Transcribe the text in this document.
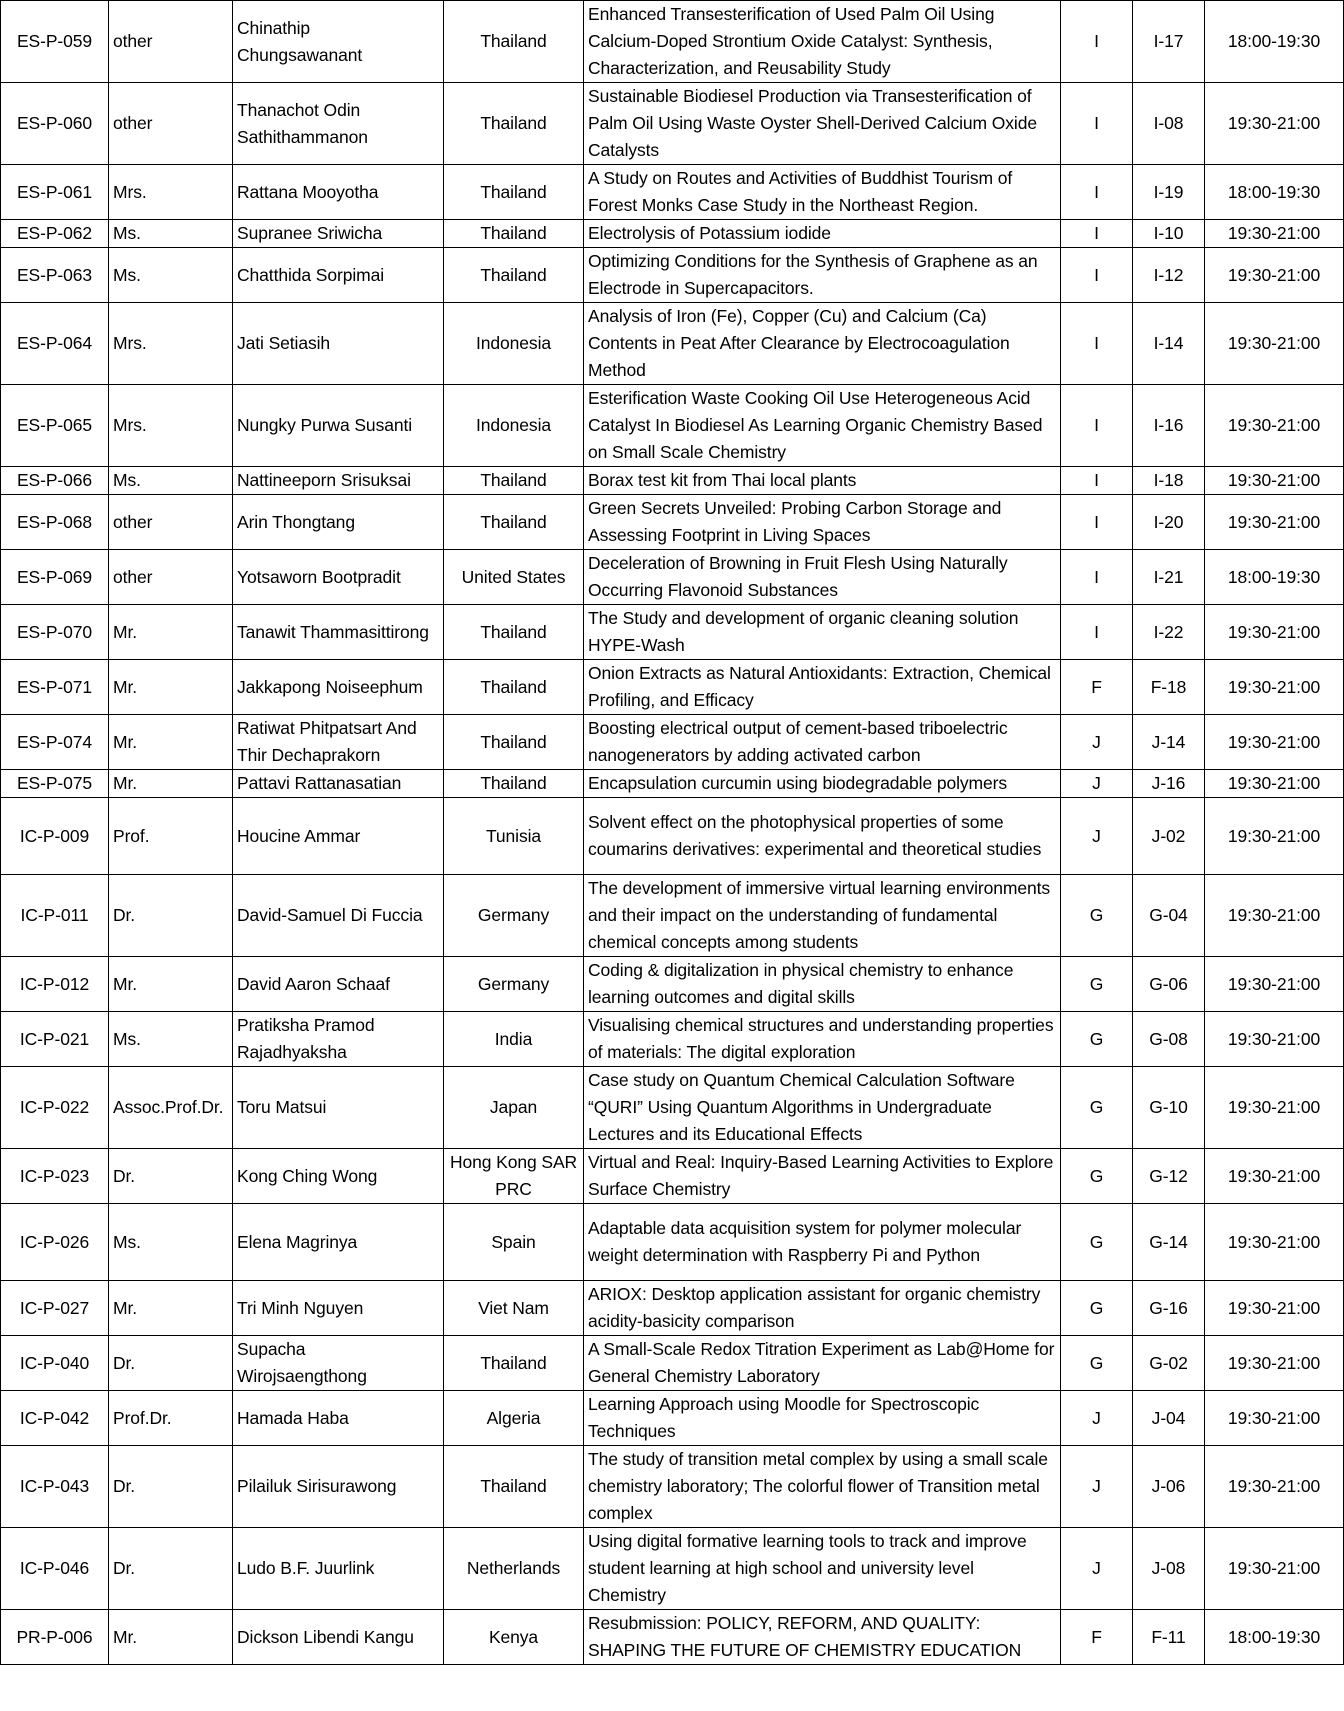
ES-P-059	other	Chinathip Chungsawanant	Thailand	Enhanced Transesterification of Used Palm Oil Using Calcium-Doped Strontium Oxide Catalyst: Synthesis, Characterization, and Reusability Study	I	I-17	18:00-19:30
ES-P-060	other	Thanachot Odin Sathithammanon	Thailand	Sustainable Biodiesel Production via Transesterification of Palm Oil Using Waste Oyster Shell-Derived Calcium Oxide Catalysts	I	I-08	19:30-21:00
ES-P-061	Mrs.	Rattana Mooyotha	Thailand	A Study on Routes and Activities of Buddhist Tourism of Forest Monks Case Study in the Northeast Region.	I	I-19	18:00-19:30
ES-P-062	Ms.	Supranee Sriwicha	Thailand	Electrolysis of Potassium iodide	I	I-10	19:30-21:00
ES-P-063	Ms.	Chatthida Sorpimai	Thailand	Optimizing Conditions for the Synthesis of Graphene as an Electrode in Supercapacitors.	I	I-12	19:30-21:00
ES-P-064	Mrs.	Jati Setiasih	Indonesia	Analysis of Iron (Fe), Copper (Cu) and Calcium (Ca) Contents in Peat After Clearance by Electrocoagulation Method	I	I-14	19:30-21:00
ES-P-065	Mrs.	Nungky Purwa Susanti	Indonesia	Esterification Waste Cooking Oil Use Heterogeneous Acid Catalyst In Biodiesel As Learning Organic Chemistry Based on Small Scale Chemistry	I	I-16	19:30-21:00
ES-P-066	Ms.	Nattineeporn Srisuksai	Thailand	Borax test kit from Thai local plants	I	I-18	19:30-21:00
ES-P-068	other	Arin Thongtang	Thailand	Green Secrets Unveiled: Probing Carbon Storage and Assessing Footprint in Living Spaces	I	I-20	19:30-21:00
ES-P-069	other	Yotsaworn Bootpradit	United States	Deceleration of Browning in Fruit Flesh Using Naturally Occurring Flavonoid Substances	I	I-21	18:00-19:30
ES-P-070	Mr.	Tanawit Thammasittirong	Thailand	The Study and development of organic cleaning solution HYPE-Wash	I	I-22	19:30-21:00
ES-P-071	Mr.	Jakkapong Noiseephum	Thailand	Onion Extracts as Natural Antioxidants: Extraction, Chemical Profiling, and Efficacy	F	F-18	19:30-21:00
ES-P-074	Mr.	Ratiwat Phitpatsart And Thir Dechaprakorn	Thailand	Boosting electrical output of cement-based triboelectric nanogenerators by adding activated carbon	J	J-14	19:30-21:00
ES-P-075	Mr.	Pattavi Rattanasatian	Thailand	Encapsulation curcumin using biodegradable polymers	J	J-16	19:30-21:00
IC-P-009	Prof.	Houcine Ammar	Tunisia	Solvent effect on the photophysical properties of some coumarins derivatives: experimental and theoretical studies	J	J-02	19:30-21:00
IC-P-011	Dr.	David-Samuel Di Fuccia	Germany	The development of immersive virtual learning environments and their impact on the understanding of fundamental chemical concepts among students	G	G-04	19:30-21:00
IC-P-012	Mr.	David Aaron Schaaf	Germany	Coding & digitalization in physical chemistry to enhance learning outcomes and digital skills	G	G-06	19:30-21:00
IC-P-021	Ms.	Pratiksha Pramod Rajadhyaksha	India	Visualising chemical structures and understanding properties of materials: The digital exploration	G	G-08	19:30-21:00
IC-P-022	Assoc.Prof.Dr.	Toru Matsui	Japan	Case study on Quantum Chemical Calculation Software “QURI” Using Quantum Algorithms in Undergraduate Lectures and its Educational Effects	G	G-10	19:30-21:00
IC-P-023	Dr.	Kong Ching Wong	Hong Kong SAR PRC	Virtual and Real: Inquiry-Based Learning Activities to Explore Surface Chemistry	G	G-12	19:30-21:00
IC-P-026	Ms.	Elena Magrinya	Spain	Adaptable data acquisition system for polymer molecular weight determination with Raspberry Pi and Python	G	G-14	19:30-21:00
IC-P-027	Mr.	Tri Minh Nguyen	Viet Nam	ARIOX: Desktop application assistant for organic chemistry acidity-basicity comparison	G	G-16	19:30-21:00
IC-P-040	Dr.	Supacha Wirojsaengthong	Thailand	A Small-Scale Redox Titration Experiment as Lab@Home for General Chemistry Laboratory	G	G-02	19:30-21:00
IC-P-042	Prof.Dr.	Hamada Haba	Algeria	Learning Approach using Moodle for Spectroscopic Techniques	J	J-04	19:30-21:00
IC-P-043	Dr.	Pilailuk Sirisurawong	Thailand	The study of transition metal complex by using a small scale chemistry laboratory; The colorful flower of Transition metal complex	J	J-06	19:30-21:00
IC-P-046	Dr.	Ludo B.F. Juurlink	Netherlands	Using digital formative learning tools to track and improve student learning at high school and university level Chemistry	J	J-08	19:30-21:00
PR-P-006	Mr.	Dickson Libendi Kangu	Kenya	Resubmission: POLICY, REFORM, AND QUALITY: SHAPING THE FUTURE OF CHEMISTRY EDUCATION	F	F-11	18:00-19:30
